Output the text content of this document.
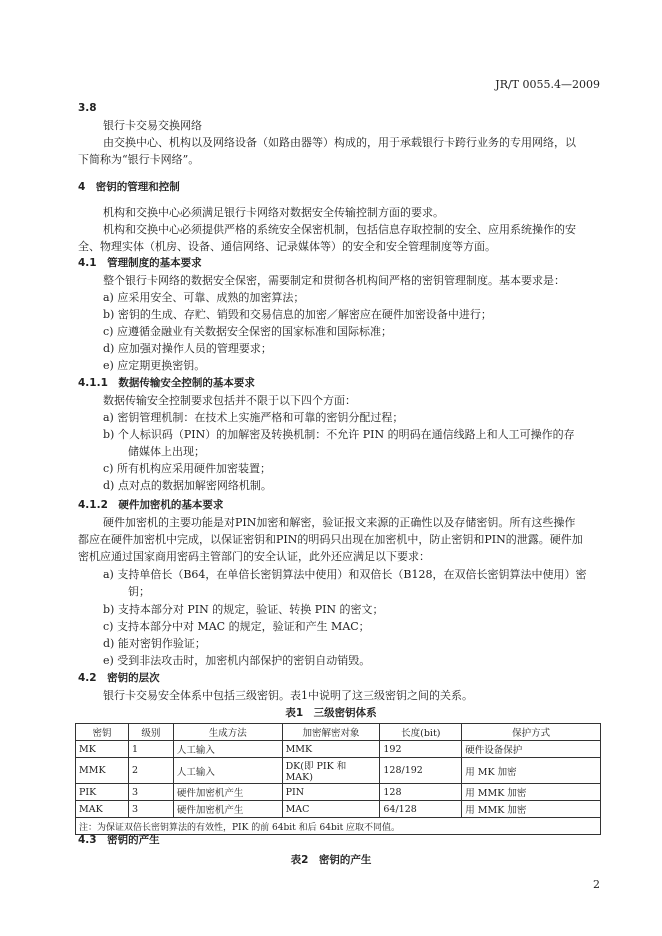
JR/T 0055.4—2009
3.8
银行卡交易交换网络
由交换中心、机构以及网络设备（如路由器等）构成的，用于承载银行卡跨行业务的专用网络，以
下简称为“银行卡网络”。
4　密钥的管理和控制
机构和交换中心必须满足银行卡网络对数据安全传输控制方面的要求。
机构和交换中心必须提供严格的系统安全保密机制，包括信息存取控制的安全、应用系统操作的安
全、物理实体（机房、设备、通信网络、记录媒体等）的安全和安全管理制度等方面。
4.1　管理制度的基本要求
整个银行卡网络的数据安全保密，需要制定和贯彻各机构间严格的密钥管理制度。基本要求是：
a) 应采用安全、可靠、成熟的加密算法；
b) 密钥的生成、存贮、销毁和交易信息的加密／解密应在硬件加密设备中进行；
c) 应遵循金融业有关数据安全保密的国家标准和国际标准；
d) 应加强对操作人员的管理要求；
e) 应定期更换密钥。
4.1.1　数据传输安全控制的基本要求
数据传输安全控制要求包括并不限于以下四个方面：
a) 密钥管理机制：在技术上实施严格和可靠的密钥分配过程；
b) 个人标识码（PIN）的加解密及转换机制：不允许 PIN 的明码在通信线路上和人工可操作的存
储媒体上出现；
c) 所有机构应采用硬件加密装置；
d) 点对点的数据加解密网络机制。
4.1.2　硬件加密机的基本要求
硬件加密机的主要功能是对PIN加密和解密，验证报文来源的正确性以及存储密钥。所有这些操作
都应在硬件加密机中完成，以保证密钥和PIN的明码只出现在加密机中，防止密钥和PIN的泄露。硬件加
密机应通过国家商用密码主管部门的安全认证，此外还应满足以下要求：
a) 支持单倍长（B64，在单倍长密钥算法中使用）和双倍长（B128，在双倍长密钥算法中使用）密
钥；
b) 支持本部分对 PIN 的规定，验证、转换 PIN 的密文；
c) 支持本部分中对 MAC 的规定，验证和产生 MAC；
d) 能对密钥作验证；
e) 受到非法攻击时，加密机内部保护的密钥自动销毁。
4.2　密钥的层次
银行卡交易安全体系中包括三级密钥。表1中说明了这三级密钥之间的关系。
表1　三级密钥体系
密钥	级别	生成方法	加密解密对象	长度(bit)	保护方式
MK	1	人工输入	MMK	192	硬件设备保护
MMK	2	人工输入	DK(即 PIK 和 MAK)	128/192	用 MK 加密
PIK	3	硬件加密机产生	PIN	128	用 MMK 加密
MAK	3	硬件加密机产生	MAC	64/128	用 MMK 加密
注：为保证双倍长密钥算法的有效性，PIK 的前 64bit 和后 64bit 应取不同值。					
4.3　密钥的产生
表2　密钥的产生
2
